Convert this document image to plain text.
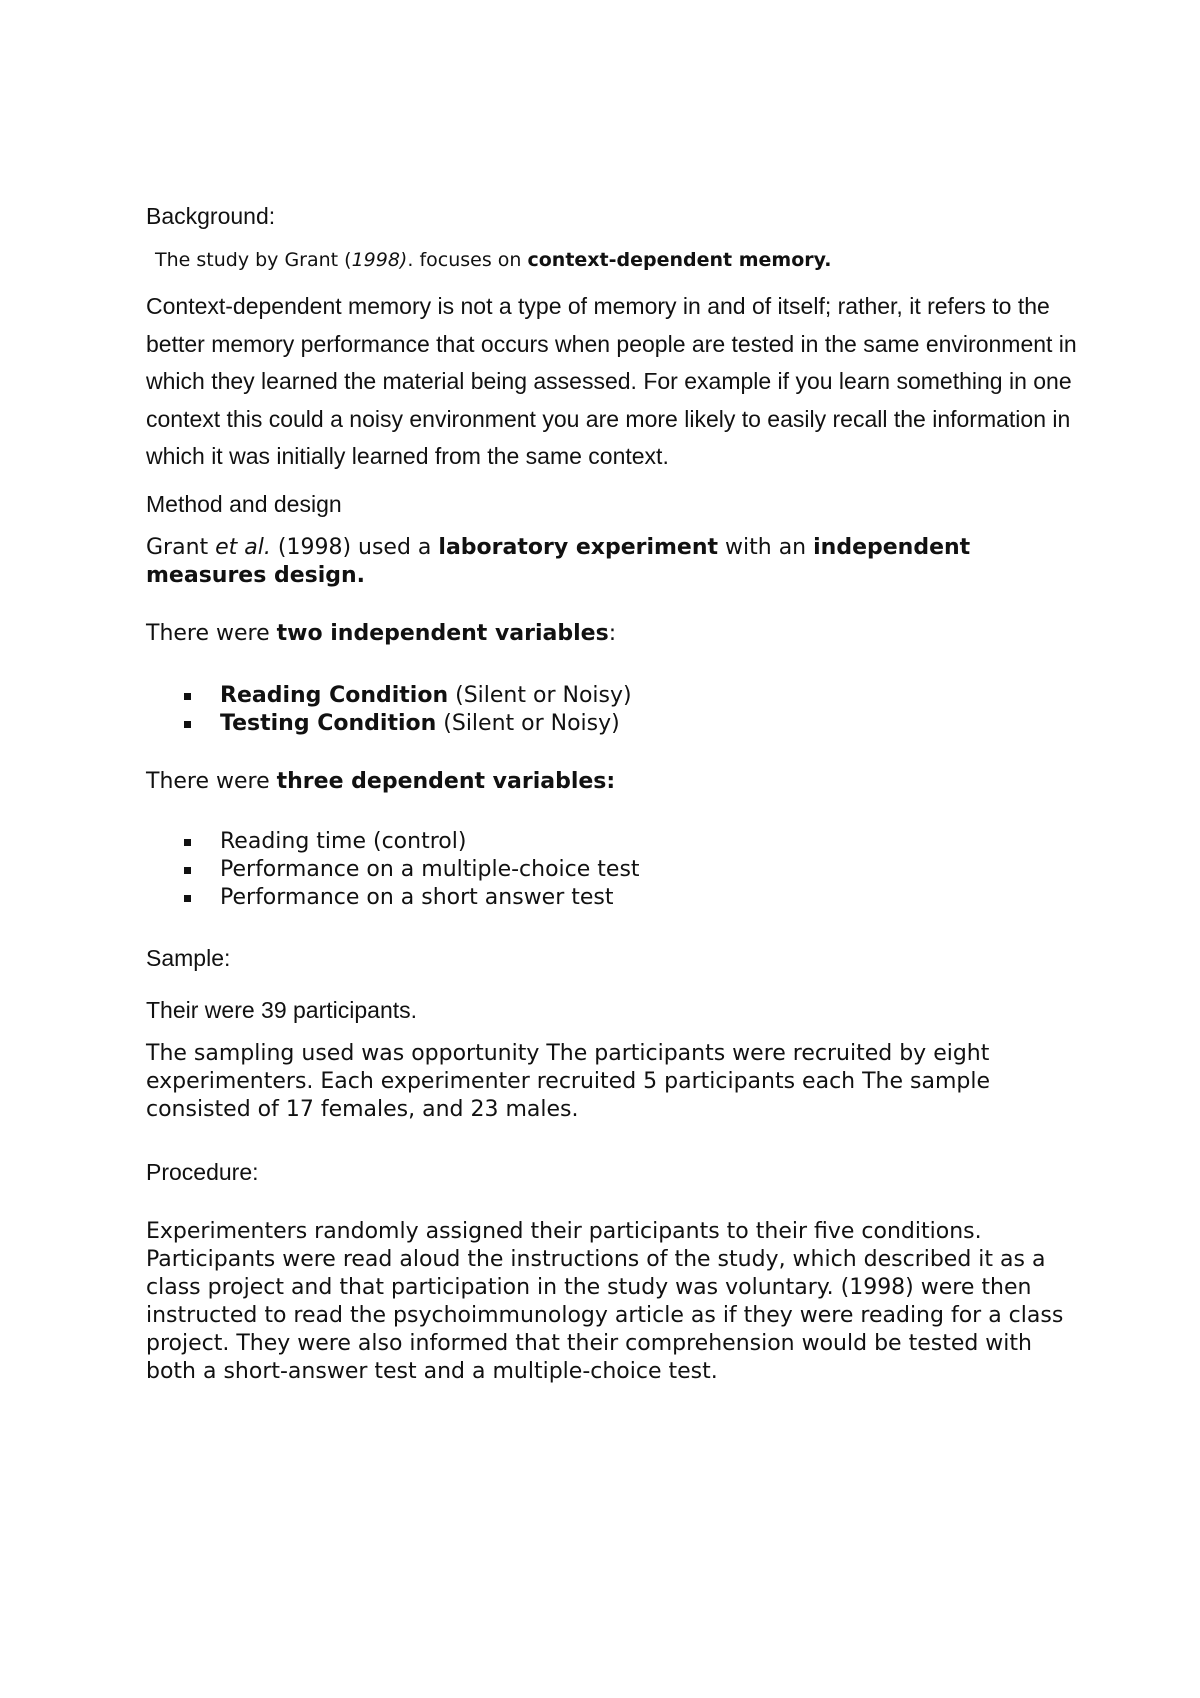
Background:

The study by Grant (1998). focuses on context-dependent memory.

Context-dependent memory is not a type of memory in and of itself; rather, it refers to the better memory performance that occurs when people are tested in the same environment in which they learned the material being assessed. For example if you learn something in one context this could a noisy environment you are more likely to easily recall the information in which it was initially learned from the same context.

Method and design

Grant et al. (1998) used a laboratory experiment with an independent measures design.

There were two independent variables:

Reading Condition (Silent or Noisy)
Testing Condition (Silent or Noisy)

There were three dependent variables:

Reading time (control)
Performance on a multiple-choice test
Performance on a short answer test

Sample:

Their were 39 participants.

The sampling used was opportunity The participants were recruited by eight experimenters. Each experimenter recruited 5 participants each The sample consisted of 17 females, and 23 males.

Procedure:

Experimenters randomly assigned their participants to their five conditions. Participants were read aloud the instructions of the study, which described it as a class project and that participation in the study was voluntary. (1998) were then instructed to read the psychoimmunology article as if they were reading for a class project. They were also informed that their comprehension would be tested with both a short-answer test and a multiple-choice test.
